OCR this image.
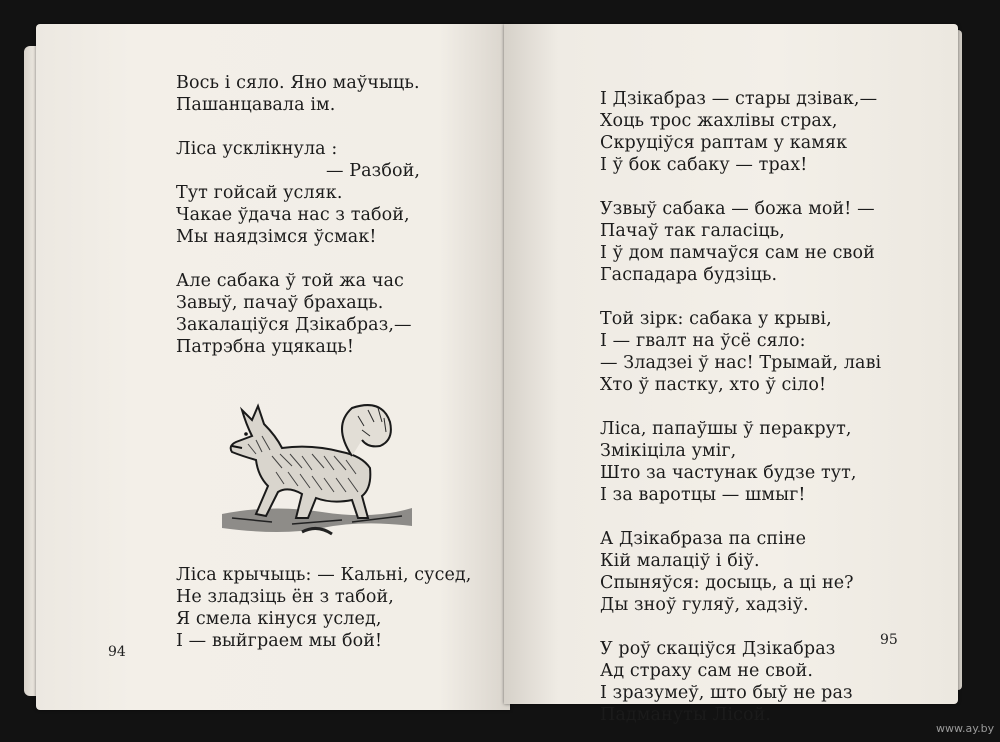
Вось і сяло. Яно маўчыць.
Пашанцавала ім.
Ліса усклікнула :
— Разбой,
Тут гойсай усляк.
Чакае ўдача нас з табой,
Мы наядзімся ўсмак!
Але сабака ў той жа час
Завыў, пачаў брахаць.
Закалаціўся Дзікабраз,—
Патрэбна уцякаць!
Ліса крычыць: — Кальні, сусед,
Не зладзіць ён з табой,
Я смела кінуся услед,
І — выйграем мы бой!
94
І Дзікабраз — стары дзівак,—
Хоць трос жахлівы страх,
Скруціўся раптам у камяк
І ў бок сабаку — трах!
Узвыў сабака — божа мой! —
Пачаў так галасіць,
І ў дом памчаўся сам не свой
Гаспадара будзіць.
Той зірк: сабака у крыві,
І — гвалт на ўсё сяло:
— Зладзеі ў нас! Трымай, лаві
Хто ў пастку, хто ў сіло!
Ліса, папаўшы ў перакрут,
Змікіціла уміг,
Што за частунак будзе тут,
І за варотцы — шмыг!
А Дзікабраза па спіне
Кій малаціў і біў.
Спыняўся: досыць, а ці не?
Ды зноў гуляў, хадзіў.
У роў скаціўся Дзікабраз
Ад страху сам не свой.
І зразумеў, што быў не раз
Падмануты Лісой.
95
www.ay.by
